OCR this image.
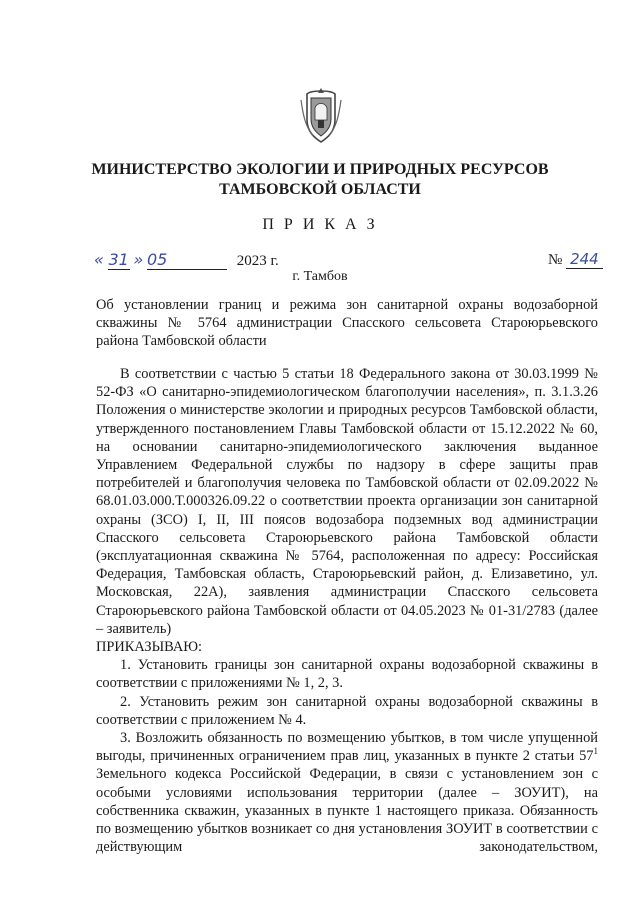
МИНИСТЕРСТВО ЭКОЛОГИИ И ПРИРОДНЫХ РЕСУРСОВ
ТАМБОВСКОЙ ОБЛАСТИ
П Р И К А З
« 31 » 05	2023 г.	№ 244
г. Тамбов
Об установлении границ и режима зон санитарной охраны водозаборной скважины № 5764 администрации Спасского сельсовета Староюрьевского района Тамбовской области

В соответствии с частью 5 статьи 18 Федерального закона от 30.03.1999 № 52-ФЗ «О санитарно-эпидемиологическом благополучии населения», п. 3.1.3.26 Положения о министерстве экологии и природных ресурсов Тамбовской области, утвержденного постановлением Главы Тамбовской области от 15.12.2022 № 60, на основании санитарно-эпидемиологического заключения выданное Управлением Федеральной службы по надзору в сфере защиты прав потребителей и благополучия человека по Тамбовской области от 02.09.2022 № 68.01.03.000.Т.000326.09.22 о соответствии проекта организации зон санитарной охраны (ЗСО) I, II, III поясов водозабора подземных вод администрации Спасского сельсовета Староюрьевского района Тамбовской области (эксплуатационная скважина № 5764, расположенная по адресу: Российская Федерация, Тамбовская область, Староюрьевский район, д. Елизаветино, ул. Московская, 22А), заявления администрации Спасского сельсовета Староюрьевского района Тамбовской области от 04.05.2023 № 01-31/2783 (далее – заявитель)

ПРИКАЗЫВАЮ:

1. Установить границы зон санитарной охраны водозаборной скважины в соответствии с приложениями № 1, 2, 3.

2. Установить режим зон санитарной охраны водозаборной скважины в соответствии с приложением № 4.

3. Возложить обязанность по возмещению убытков, в том числе упущенной выгоды, причиненных ограничением прав лиц, указанных в пункте 2 статьи $57^1$ Земельного кодекса Российской Федерации, в связи с установлением зон с особыми условиями использования территории (далее – ЗОУИТ), на собственника скважин, указанных в пункте 1 настоящего приказа. Обязанность по возмещению убытков возникает со дня установления ЗОУИТ в соответствии с действующим законодательством,
